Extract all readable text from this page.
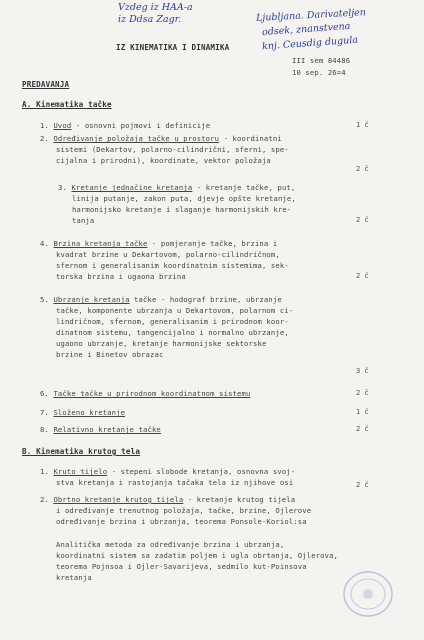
Vzdeg iz HAA-a
iz Ddsa Zagr.	Ljubljana. Darivateljen
odsek, znanstvena
knj. Ceusdig dugula
IZ KINEMATIKA I DINAMIKA
III sem 84486
10 sep. 26=4
PREDAVANJA
A. Kinematika tačke
1. Uvod - osnovni pojmovi i definicije	1 č
2. Određivanje položaja tačke u prostoru - koordinatni
sistemi (Dekartov, polarno-cilindrični, sferni, spe-
cijalna i prirodni), koordinate, vektor položaja
2 č
3. Kretanje jednačine kretanja - kretanje tačke, put,
linija putanje, zakon puta, djevje opšte kretanje,
harmonijsko kretanje i slaganje harmonijskih kre-
tanja	2 č
4. Brzina kretanja tačke - pomjeranje tačke, brzina i
kvadrat brzine u Dekartovom, polarno-cilindričnom,
sfernom i generalisanim koordinatnim sistemima, sek-
torska brzina i ugaona brzina	2 č
5. Ubrzanje kretanja tačke - hodograf brzine, ubrzanje
tačke, komponente ubrzanja u Dekartovom, polarnom ci-
lindričnom, sfernom, generalisanim i prirodnom koor-
dinatnom sistemu, tangencijalno i normalno ubrzanje,
ugaono ubrzanje, kretanje harmonijske sektorske
brzine i Binetov obrazac
3 č
6. Tačke tačke u prirodnom koordinatnom sistemu	2 č
7. Složeno kretanje	1 č
8. Relativno kretanje tačke	2 č
B. Kinematika krutog tela
1. Kruto tijelo - stepeni slobode kretanja, osnovna svoj-
stva kretanja i rastojanja tačaka tela iz njihove osi	2 č
2. Obrtno kretanje krutog tijela - kretanje krutog tijela
i određivanje trenutnog položaja, tačke, brzine, Ojlerove
određivanje brzina i ubrzanja, teorema Ponsole-Koriol:sa
Analitička metoda za određivanje brzina i ubrzanja,
koordinatni sistem sa zadatim poljem i ugla obrtanja, Ojlerova,
teorema Pojnsoa i Ojler-Savarijeva, sedmilo kut-Poinsova
kretanja
